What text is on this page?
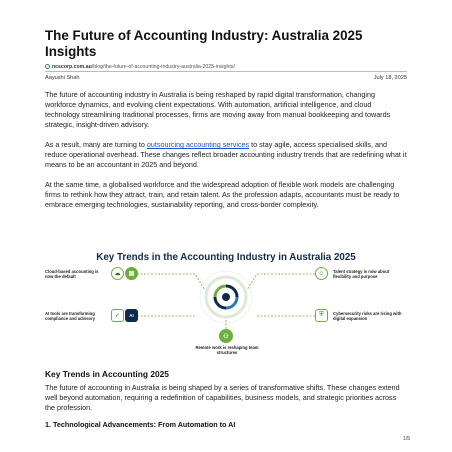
The Future of Accounting Industry: Australia 2025 Insights
ncscorp.com.au /blog/the-future-of-accounting-industry-australia-2025-insights/
Aayushi Shah	July 18, 2025

The future of accounting industry in Australia is being reshaped by rapid digital transformation, changing workforce dynamics, and evolving client expectations. With automation, artificial intelligence, and cloud technology streamlining traditional processes, firms are moving away from manual bookkeeping and towards strategic, insight-driven advisory.

As a result, many are turning to outsourcing accounting services to stay agile, access specialised skills, and reduce operational overhead. These changes reflect broader accounting industry trends that are redefining what it means to be an accountant in 2025 and beyond.

At the same time, a globalised workforce and the widespread adoption of flexible work models are challenging firms to rethink how they attract, train, and retain talent. As the profession adapts, accountants must be ready to embrace emerging technologies, sustainability reporting, and cross-border complexity.

Key Trends in the Accounting Industry in Australia 2025
Cloud-based accounting is now the default	☁	▤
AI tools are transforming compliance and advisory	✓	AI
⚇
Remote work is reshaping team structures
☺	Talent strategy is now about flexibility and purpose
⛨	Cybersecurity risks are rising with digital expansion
Key Trends in Accounting 2025

The future of accounting in Australia is being shaped by a series of transformative shifts. These changes extend well beyond automation, requiring a redefinition of capabilities, business models, and strategic priorities across the profession.

1. Technological Advancements: From Automation to AI
1/5
